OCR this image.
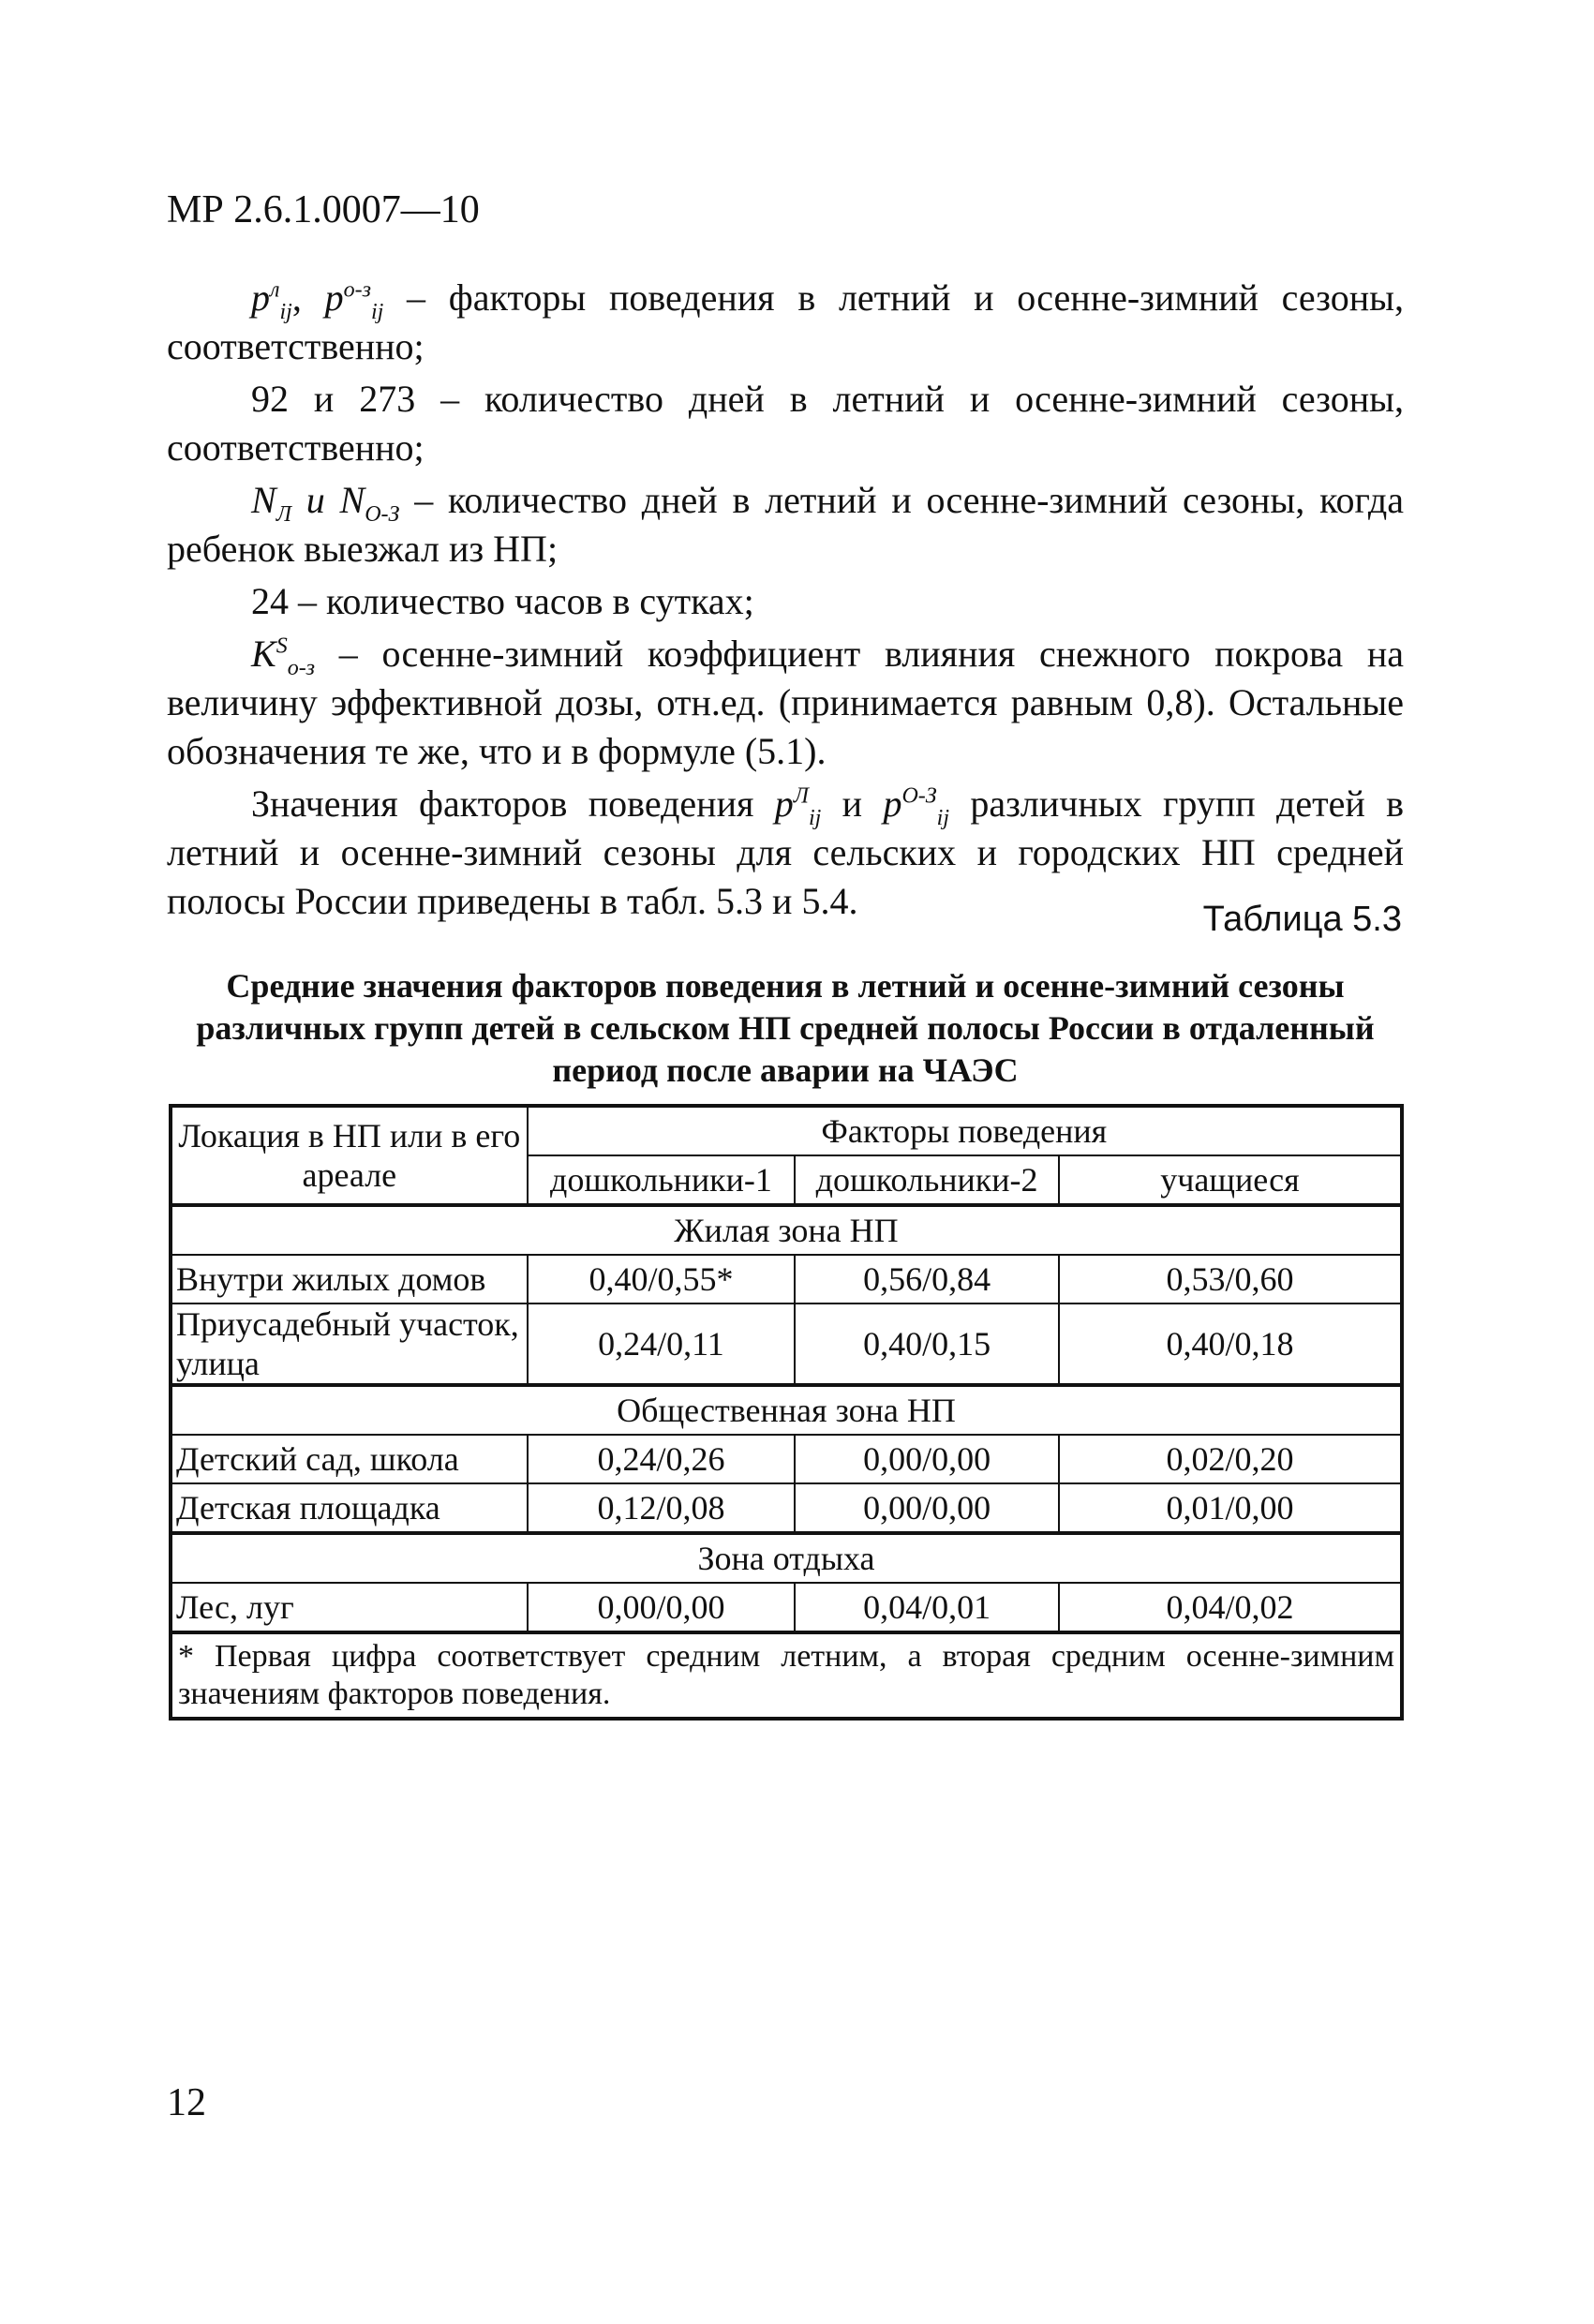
МР 2.6.1.0007—10

$p^л_{ij}$, $p^{о-з}_{ij}$ – факторы поведения в летний и осенне-зимний сезоны, соответственно;

92 и 273 – количество дней в летний и осенне-зимний сезоны, соответственно;

$N_Л$ и $N_{О-З}$ – количество дней в летний и осенне-зимний сезоны, когда ребенок выезжал из НП;

24 – количество часов в сутках;

$K^S_{о-з}$ – осенне-зимний коэффициент влияния снежного покрова на величину эффективной дозы, отн.ед. (принимается равным 0,8). Остальные обозначения те же, что и в формуле (5.1).

Значения факторов поведения $p^Л_{ij}$ и $p^{О-З}_{ij}$ различных групп детей в летний и осенне-зимний сезоны для сельских и городских НП средней полосы России приведены в табл. 5.3 и 5.4.	Таблица 5.3
Средние значения факторов поведения в летний и осенне-зимний сезоны различных групп детей в сельском НП средней полосы России в отдаленный период после аварии на ЧАЭС
Локация в НП или в его ареале	Факторы поведения		
	дошкольники-1	дошкольники-2	учащиеся
Жилая зона НП			
Внутри жилых домов	0,40/0,55*	0,56/0,84	0,53/0,60
Приусадебный участок, улица	0,24/0,11	0,40/0,15	0,40/0,18
Общественная зона НП			
Детский сад, школа	0,24/0,26	0,00/0,00	0,02/0,20
Детская площадка	0,12/0,08	0,00/0,00	0,01/0,00
Зона отдыха			
Лес, луг	0,00/0,00	0,04/0,01	0,04/0,02
* Первая цифра соответствует средним летним, а вторая средним осенне-зимним значениям факторов поведения.			
12
